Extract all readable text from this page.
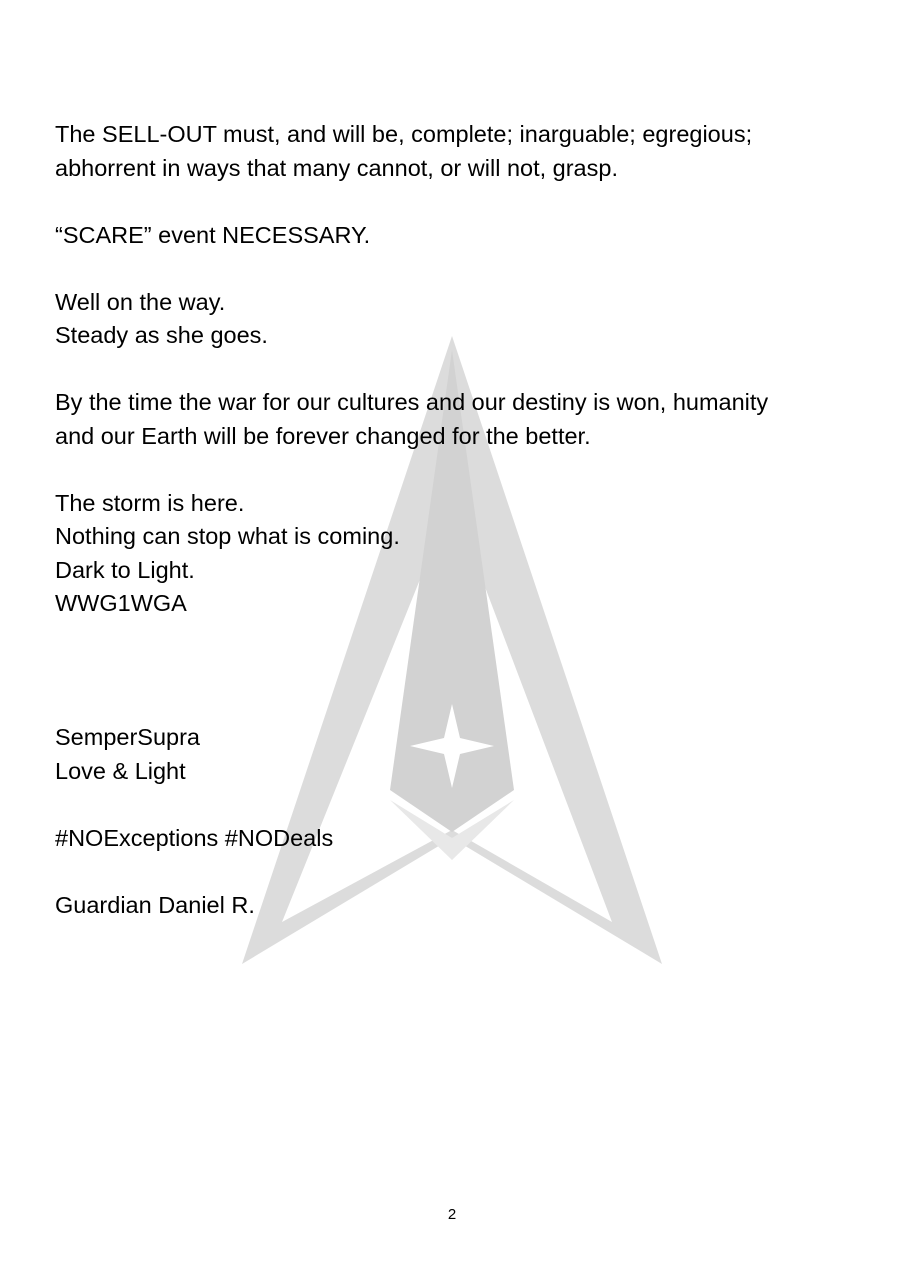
The SELL-OUT must, and will be, complete; inarguable; egregious;
abhorrent in ways that many cannot, or will not, grasp.

“SCARE” event NECESSARY.

Well on the way.
Steady as she goes.

By the time the war for our cultures and our destiny is won, humanity
and our Earth will be forever changed for the better.

The storm is here.
Nothing can stop what is coming.
Dark to Light.
WWG1WGA

SemperSupra
Love & Light

#NOExceptions #NODeals

Guardian Daniel R.

2
